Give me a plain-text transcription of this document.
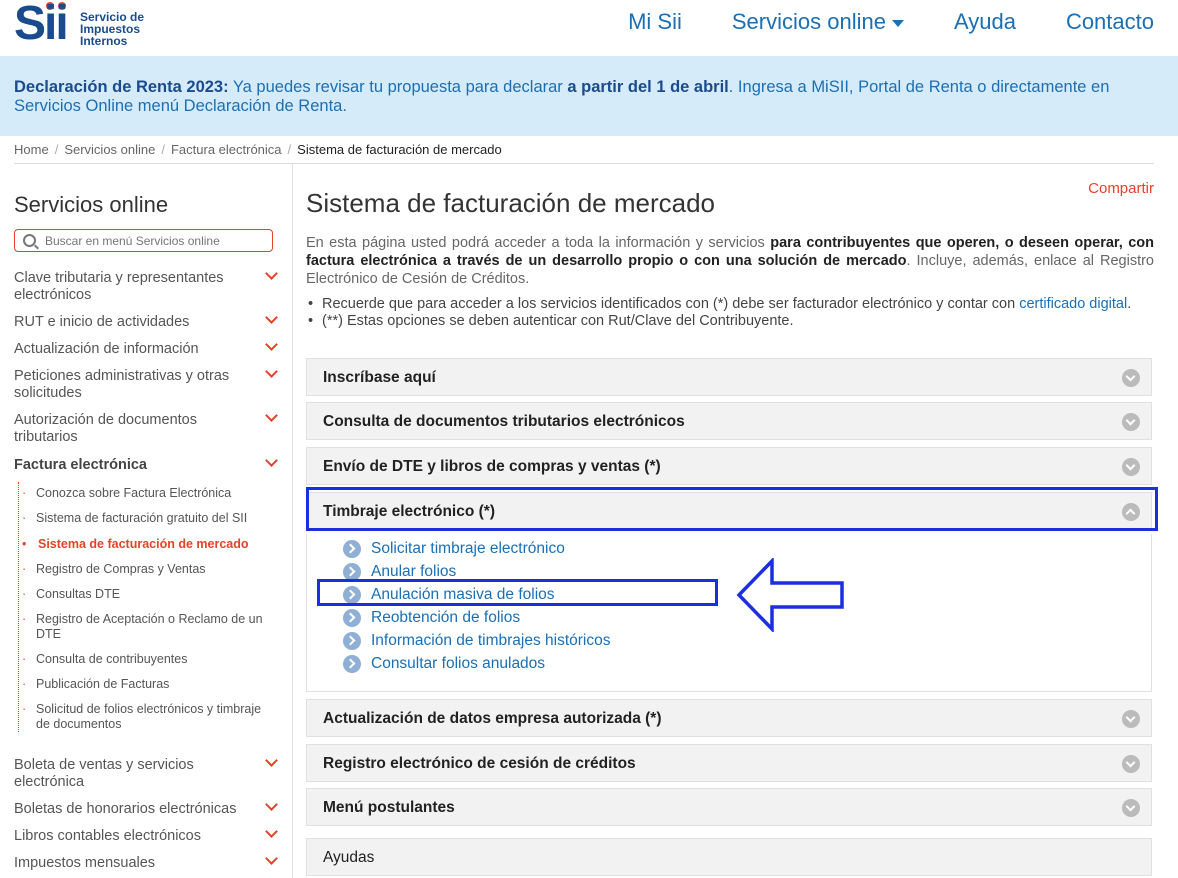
Sii Servicio de
Impuestos
Internos
Mi Sii Servicios online	Ayuda Contacto

Declaración de Renta 2023: Ya puedes revisar tu propuesta para declarar a partir del 1 de abril. Ingresa a MiSII, Portal de Renta o directamente en Servicios Online menú Declaración de Renta.

Home / Servicios online / Factura electrónica / Sistema de facturación de mercado
Servicios online
Buscar en menú Servicios online
Clave tributaria y representantes electrónicos
RUT e inicio de actividades
Actualización de información
Peticiones administrativas y otras solicitudes
Autorización de documentos tributarios
Factura electrónica
· Conozca sobre Factura Electrónica
· Sistema de facturación gratuito del SII
• Sistema de facturación de mercado
· Registro de Compras y Ventas
· Consultas DTE
· Registro de Aceptación o Reclamo de un DTE
· Consulta de contribuyentes
· Publicación de Facturas
· Solicitud de folios electrónicos y timbraje de documentos
Boleta de ventas y servicios electrónica
Boletas de honorarios electrónicas
Libros contables electrónicos
Impuestos mensuales
Compartir
Sistema de facturación de mercado
En esta página usted podrá acceder a toda la información y servicios para contribuyentes que operen, o deseen operar, con factura electrónica a través de un desarrollo propio o con una solución de mercado. Incluye, además, enlace al Registro Electrónico de Cesión de Créditos.
• Recuerde que para acceder a los servicios identificados con (*) debe ser facturador electrónico y contar con certificado digital.
• (**) Estas opciones se deben autenticar con Rut/Clave del Contribuyente.
Inscríbase aquí
Consulta de documentos tributarios electrónicos
Envío de DTE y libros de compras y ventas (*)
Timbraje electrónico (*)
Solicitar timbraje electrónico
Anular folios
Anulación masiva de folios
Reobtención de folios
Información de timbrajes históricos
Consultar folios anulados
Actualización de datos empresa autorizada (*)
Registro electrónico de cesión de créditos
Menú postulantes
Ayudas
